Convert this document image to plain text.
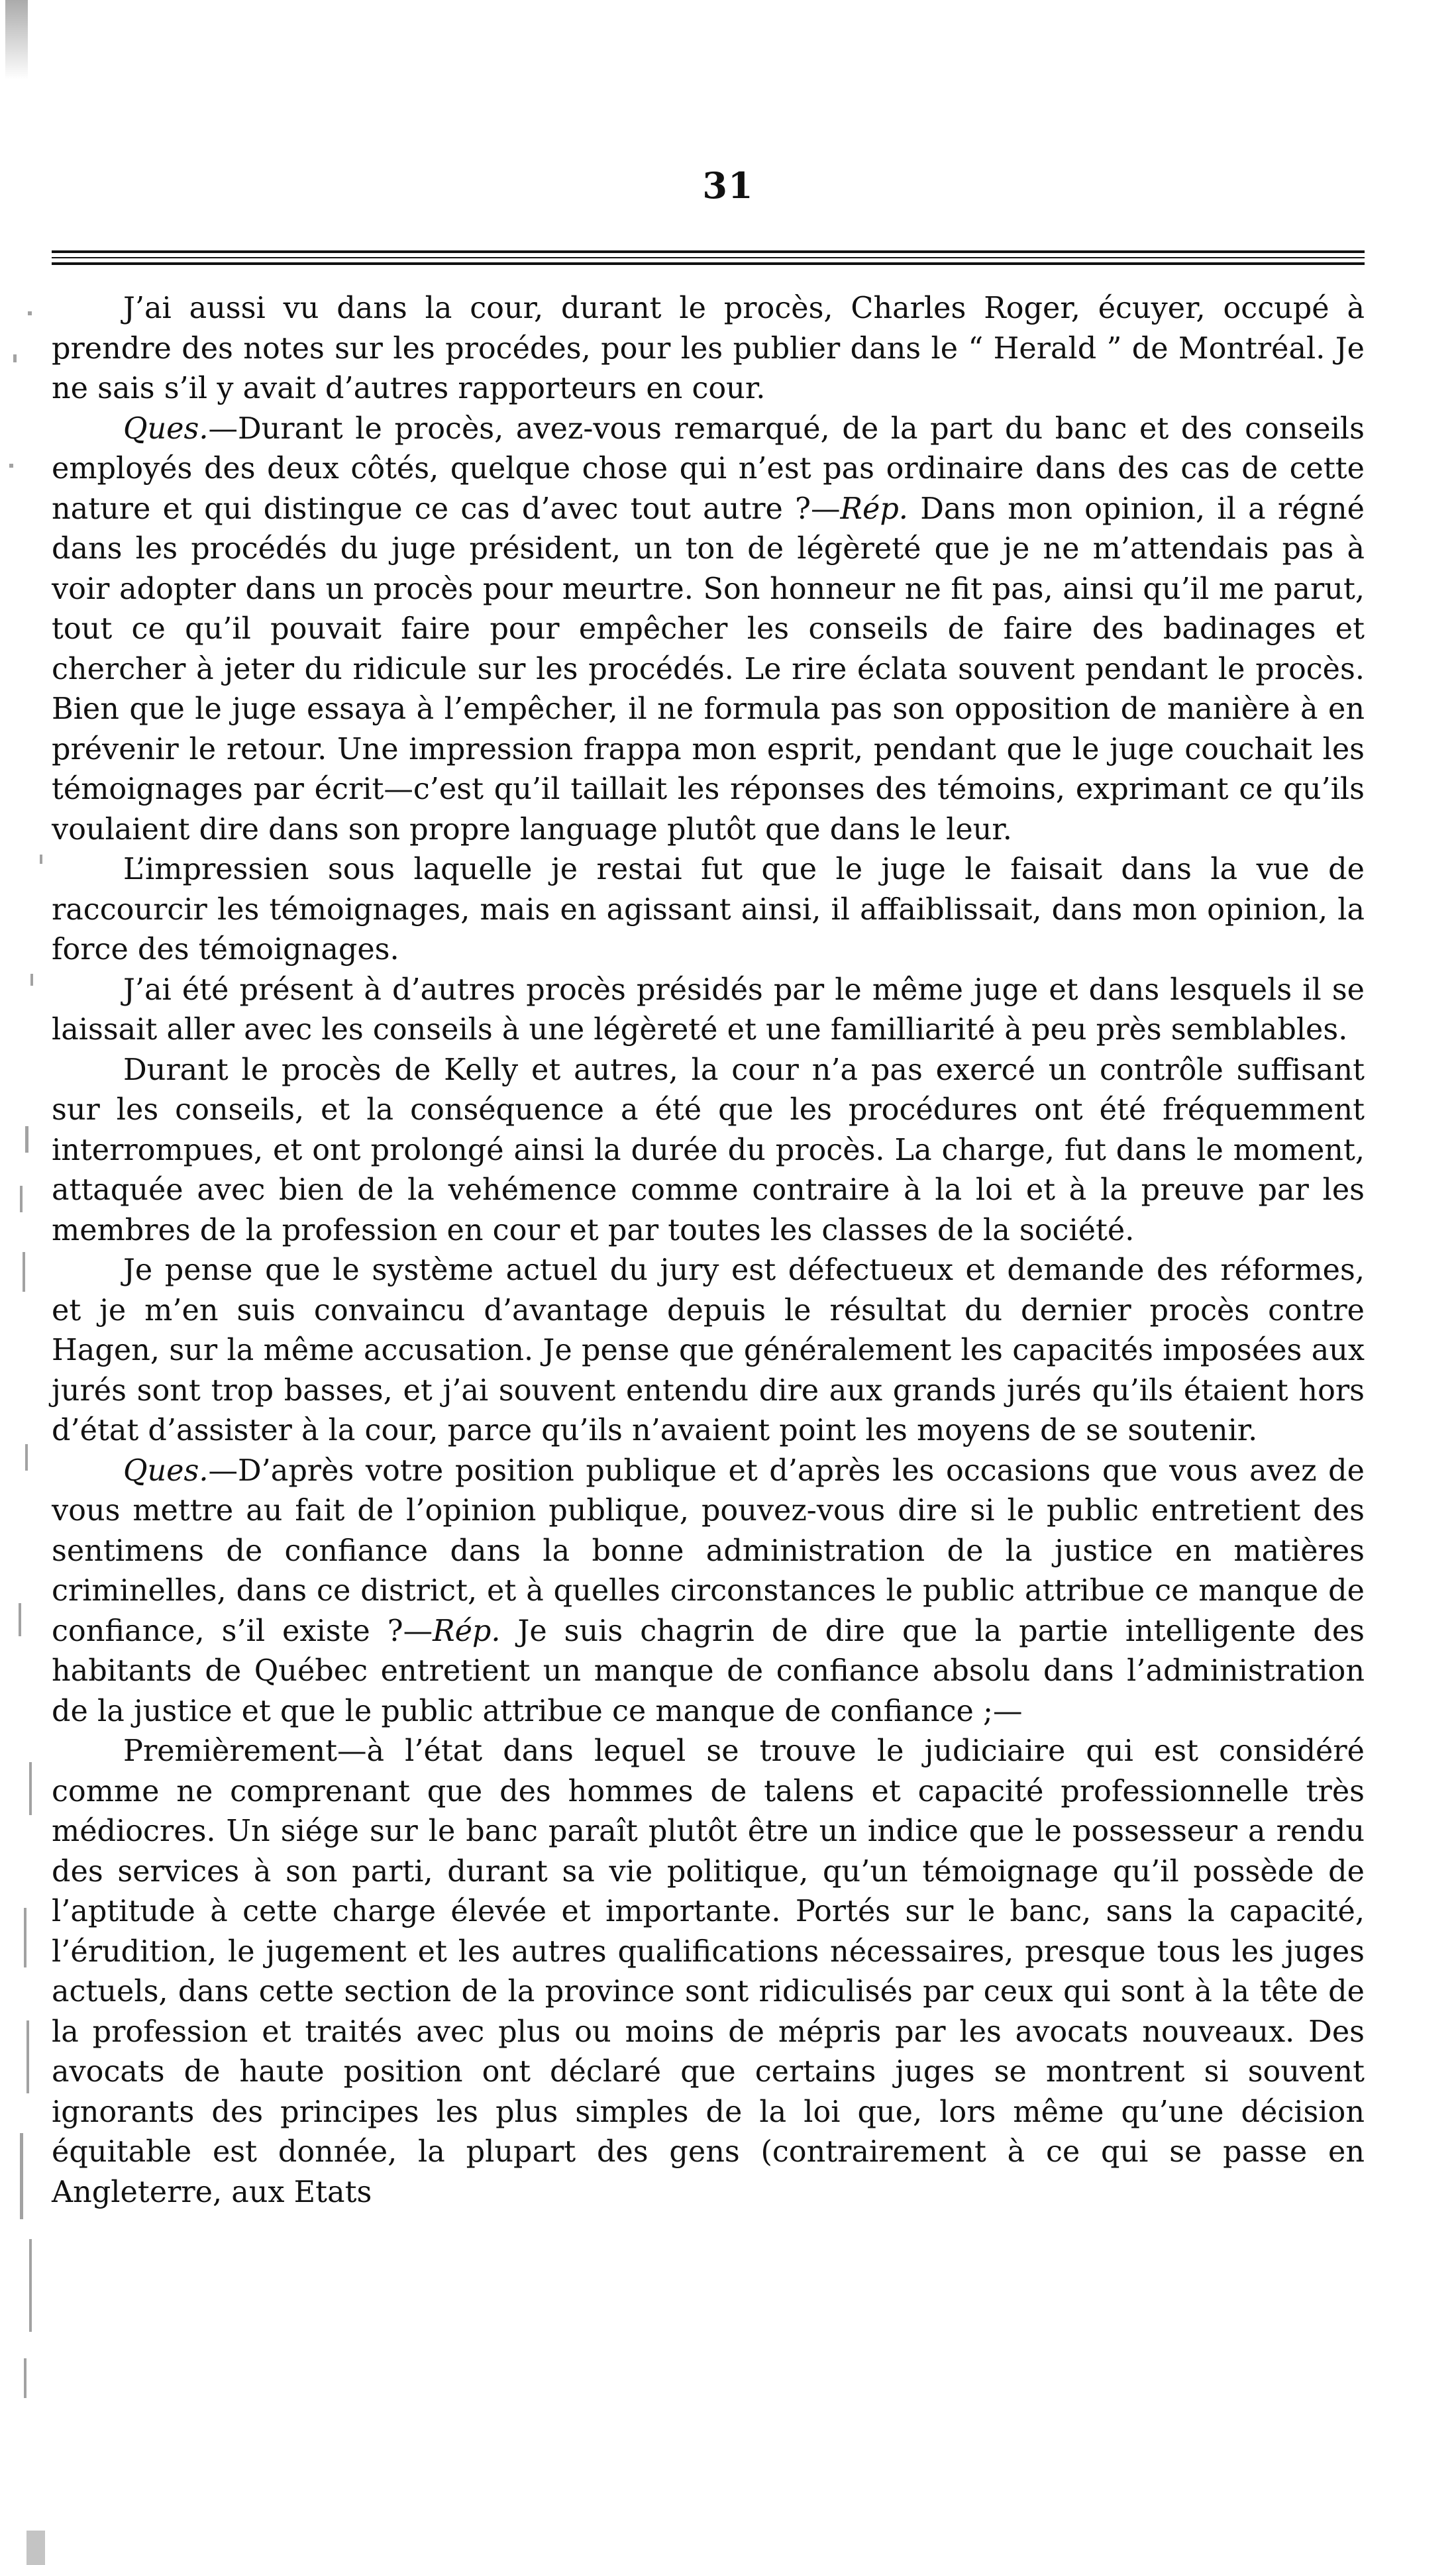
31

J’ai aussi vu dans la cour, durant le procès, Charles Roger, écuyer, occupé à prendre des notes sur les procédes, pour les publier dans le “ Herald ” de Montréal. Je ne sais s’il y avait d’autres rapporteurs en cour.

Ques.—Durant le procès, avez-vous remarqué, de la part du banc et des conseils employés des deux côtés, quelque chose qui n’est pas ordinaire dans des cas de cette nature et qui distingue ce cas d’avec tout autre ?—Rép. Dans mon opinion, il a régné dans les procédés du juge président, un ton de légèreté que je ne m’attendais pas à voir adopter dans un procès pour meurtre. Son honneur ne fit pas, ainsi qu’il me parut, tout ce qu’il pouvait faire pour empêcher les conseils de faire des badinages et chercher à jeter du ridicule sur les procédés. Le rire éclata souvent pendant le procès. Bien que le juge essaya à l’empêcher, il ne formula pas son opposition de manière à en prévenir le retour. Une impression frappa mon esprit, pendant que le juge couchait les témoignages par écrit—c’est qu’il taillait les réponses des témoins, exprimant ce qu’ils voulaient dire dans son propre language plutôt que dans le leur.

L’impressien sous laquelle je restai fut que le juge le faisait dans la vue de raccourcir les témoignages, mais en agissant ainsi, il affaiblissait, dans mon opinion, la force des témoignages.

J’ai été présent à d’autres procès présidés par le même juge et dans lesquels il se laissait aller avec les conseils à une légèreté et une familliarité à peu près semblables.

Durant le procès de Kelly et autres, la cour n’a pas exercé un contrôle suffisant sur les conseils, et la conséquence a été que les procédures ont été fréquemment interrompues, et ont prolongé ainsi la durée du procès. La charge, fut dans le moment, attaquée avec bien de la vehémence comme contraire à la loi et à la preuve par les membres de la profession en cour et par toutes les classes de la société.

Je pense que le système actuel du jury est défectueux et demande des réformes, et je m’en suis convaincu d’avantage depuis le résultat du dernier procès contre Hagen, sur la même accusation. Je pense que généralement les capacités imposées aux jurés sont trop basses, et j’ai souvent entendu dire aux grands jurés qu’ils étaient hors d’état d’assister à la cour, parce qu’ils n’avaient point les moyens de se soutenir.

Ques.—D’après votre position publique et d’après les occasions que vous avez de vous mettre au fait de l’opinion publique, pouvez-vous dire si le public entretient des sentimens de confiance dans la bonne administration de la justice en matières criminelles, dans ce district, et à quelles circonstances le public attribue ce manque de confiance, s’il existe ?—Rép. Je suis chagrin de dire que la partie intelligente des habitants de Québec entretient un manque de confiance absolu dans l’administration de la justice et que le public attribue ce manque de confiance ;—

Premièrement—à l’état dans lequel se trouve le judiciaire qui est considéré comme ne comprenant que des hommes de talens et capacité professionnelle très médiocres. Un siége sur le banc paraît plutôt être un indice que le possesseur a rendu des services à son parti, durant sa vie politique, qu’un témoignage qu’il possède de l’aptitude à cette charge élevée et importante. Portés sur le banc, sans la capacité, l’érudition, le jugement et les autres qualifications nécessaires, presque tous les juges actuels, dans cette section de la province sont ridiculisés par ceux qui sont à la tête de la profession et traités avec plus ou moins de mépris par les avocats nouveaux. Des avocats de haute position ont déclaré que certains juges se montrent si souvent ignorants des principes les plus simples de la loi que, lors même qu’une décision équitable est donnée, la plupart des gens (contrairement à ce qui se passe en Angleterre, aux Etats
